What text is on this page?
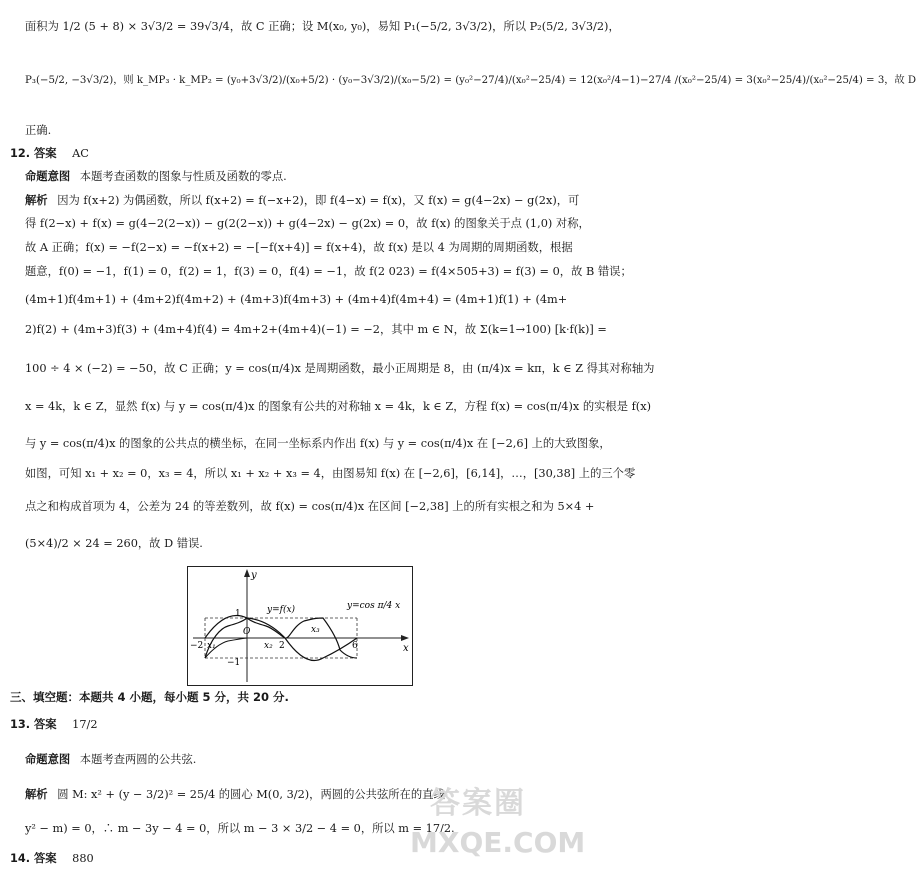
面积为 1/2 (5 + 8) × 3√3/2 = 39√3/4，故 C 正确；设 M(x₀, y₀)，易知 P₁(−5/2, 3√3/2)，所以 P₂(5/2, 3√3/2)，
P₃(−5/2, −3√3/2)，则 k_MP₃ · k_MP₂ = (y₀+3√3/2)/(x₀+5/2) · (y₀−3√3/2)/(x₀−5/2) = (y₀²−27/4)/(x₀²−25/4) = 12(x₀²/4−1)−27/4 /(x₀²−25/4) = 3(x₀²−25/4)/(x₀²−25/4) = 3，故 D
正确.
12. 答案 AC
命题意图 本题考查函数的图象与性质及函数的零点.
解析 因为 f(x+2) 为偶函数，所以 f(x+2) = f(−x+2)，即 f(4−x) = f(x)，又 f(x) = g(4−2x) − g(2x)，可
得 f(2−x) + f(x) = g(4−2(2−x)) − g(2(2−x)) + g(4−2x) − g(2x) = 0，故 f(x) 的图象关于点 (1,0) 对称，
故 A 正确；f(x) = −f(2−x) = −f(x+2) = −[−f(x+4)] = f(x+4)，故 f(x) 是以 4 为周期的周期函数，根据
题意，f(0) = −1，f(1) = 0，f(2) = 1，f(3) = 0，f(4) = −1，故 f(2 023) = f(4×505+3) = f(3) = 0，故 B 错误；
(4m+1)f(4m+1) + (4m+2)f(4m+2) + (4m+3)f(4m+3) + (4m+4)f(4m+4) = (4m+1)f(1) + (4m+
2)f(2) + (4m+3)f(3) + (4m+4)f(4) = 4m+2+(4m+4)(−1) = −2，其中 m ∈ N，故 Σ(k=1→100) [k·f(k)] =
100 ÷ 4 × (−2) = −50，故 C 正确；y = cos(π/4)x 是周期函数，最小正周期是 8，由 (π/4)x = kπ，k ∈ Z 得其对称轴为
x = 4k，k ∈ Z，显然 f(x) 与 y = cos(π/4)x 的图象有公共的对称轴 x = 4k，k ∈ Z，方程 f(x) = cos(π/4)x 的实根是 f(x)
与 y = cos(π/4)x 的图象的公共点的横坐标，在同一坐标系内作出 f(x) 与 y = cos(π/4)x 在 [−2,6] 上的大致图象，
如图，可知 x₁ + x₂ = 0，x₃ = 4，所以 x₁ + x₂ + x₃ = 4，由图易知 f(x) 在 [−2,6]，[6,14]，…，[30,38] 上的三个零
点之和构成首项为 4，公差为 24 的等差数列，故 f(x) = cos(π/4)x 在区间 [−2,38] 上的所有实根之和为 5×4 +
(5×4)/2 × 24 = 260，故 D 错误.
y
x
y=f(x)	y=cos π/4 x
1
−1
O
−2 x₁	x₂ 2
x₃
6
三、填空题：本题共 4 小题，每小题 5 分，共 20 分.
13. 答案 17/2
命题意图 本题考查两圆的公共弦.
解析 圆 M: x² + (y − 3/2)² = 25/4 的圆心 M(0, 3/2)，两圆的公共弦所在的直线
y² − m) = 0，∴ m − 3y − 4 = 0，所以 m − 3 × 3/2 − 4 = 0，所以 m = 17/2.
14. 答案 880
答案圈
MXQE.COM
